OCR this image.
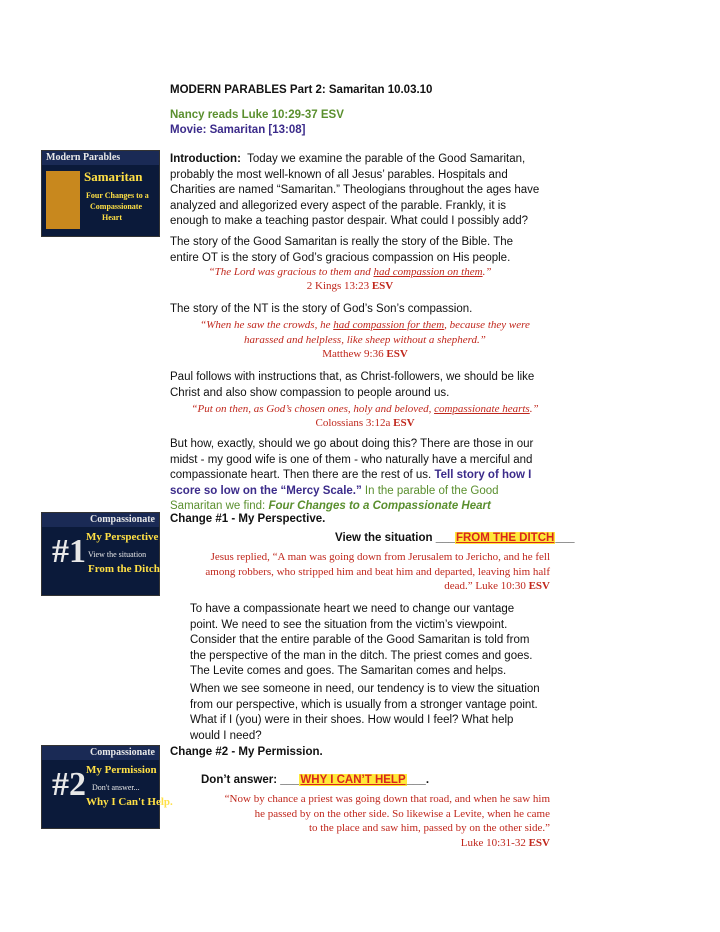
MODERN PARABLES Part 2: Samaritan 10.03.10
Nancy reads Luke 10:29-37 ESV
Movie: Samaritan [13:08]
Modern Parables
Samaritan
Four Changes to a
Compassionate
Heart
Introduction: Today we examine the parable of the Good Samaritan,
probably the most well-known of all Jesus’ parables. Hospitals and
Charities are named “Samaritan.” Theologians throughout the ages have
analyzed and allegorized every aspect of the parable. Frankly, it is
enough to make a teaching pastor despair. What could I possibly add?
The story of the Good Samaritan is really the story of the Bible. The
entire OT is the story of God’s gracious compassion on His people.
“The Lord was gracious to them and had compassion on them.”
2 Kings 13:23 ESV
The story of the NT is the story of God’s Son’s compassion.
“When he saw the crowds, he had compassion for them, because they were
harassed and helpless, like sheep without a shepherd.”
Matthew 9:36 ESV
Paul follows with instructions that, as Christ-followers, we should be like
Christ and also show compassion to people around us.
“Put on then, as God’s chosen ones, holy and beloved, compassionate hearts.”
Colossians 3:12a ESV
But how, exactly, should we go about doing this? There are those in our
midst - my good wife is one of them - who naturally have a merciful and
compassionate heart. Then there are the rest of us. Tell story of how I
score so low on the “Mercy Scale.” In the parable of the Good
Samaritan we find: Four Changes to a Compassionate Heart
Compassionate
#1 My Perspective
View the situation
From the Ditch
Change #1 - My Perspective.
View the situation ___FROM THE DITCH___
Jesus replied, “A man was going down from Jerusalem to Jericho, and he fell
among robbers, who stripped him and beat him and departed, leaving him half
dead.” Luke 10:30 ESV
To have a compassionate heart we need to change our vantage
point. We need to see the situation from the victim’s viewpoint.
Consider that the entire parable of the Good Samaritan is told from
the perspective of the man in the ditch. The priest comes and goes.
The Levite comes and goes. The Samaritan comes and helps.
When we see someone in need, our tendency is to view the situation
from our perspective, which is usually from a stronger vantage point.
What if I (you) were in their shoes. How would I feel? What help
would I need?
Compassionate
#2 My Permission
Don't answer...
Why I Can't Help.
Change #2 - My Permission.
Don’t answer: ___WHY I CAN’T HELP___.
“Now by chance a priest was going down that road, and when he saw him
he passed by on the other side. So likewise a Levite, when he came
to the place and saw him, passed by on the other side.”
Luke 10:31-32 ESV
